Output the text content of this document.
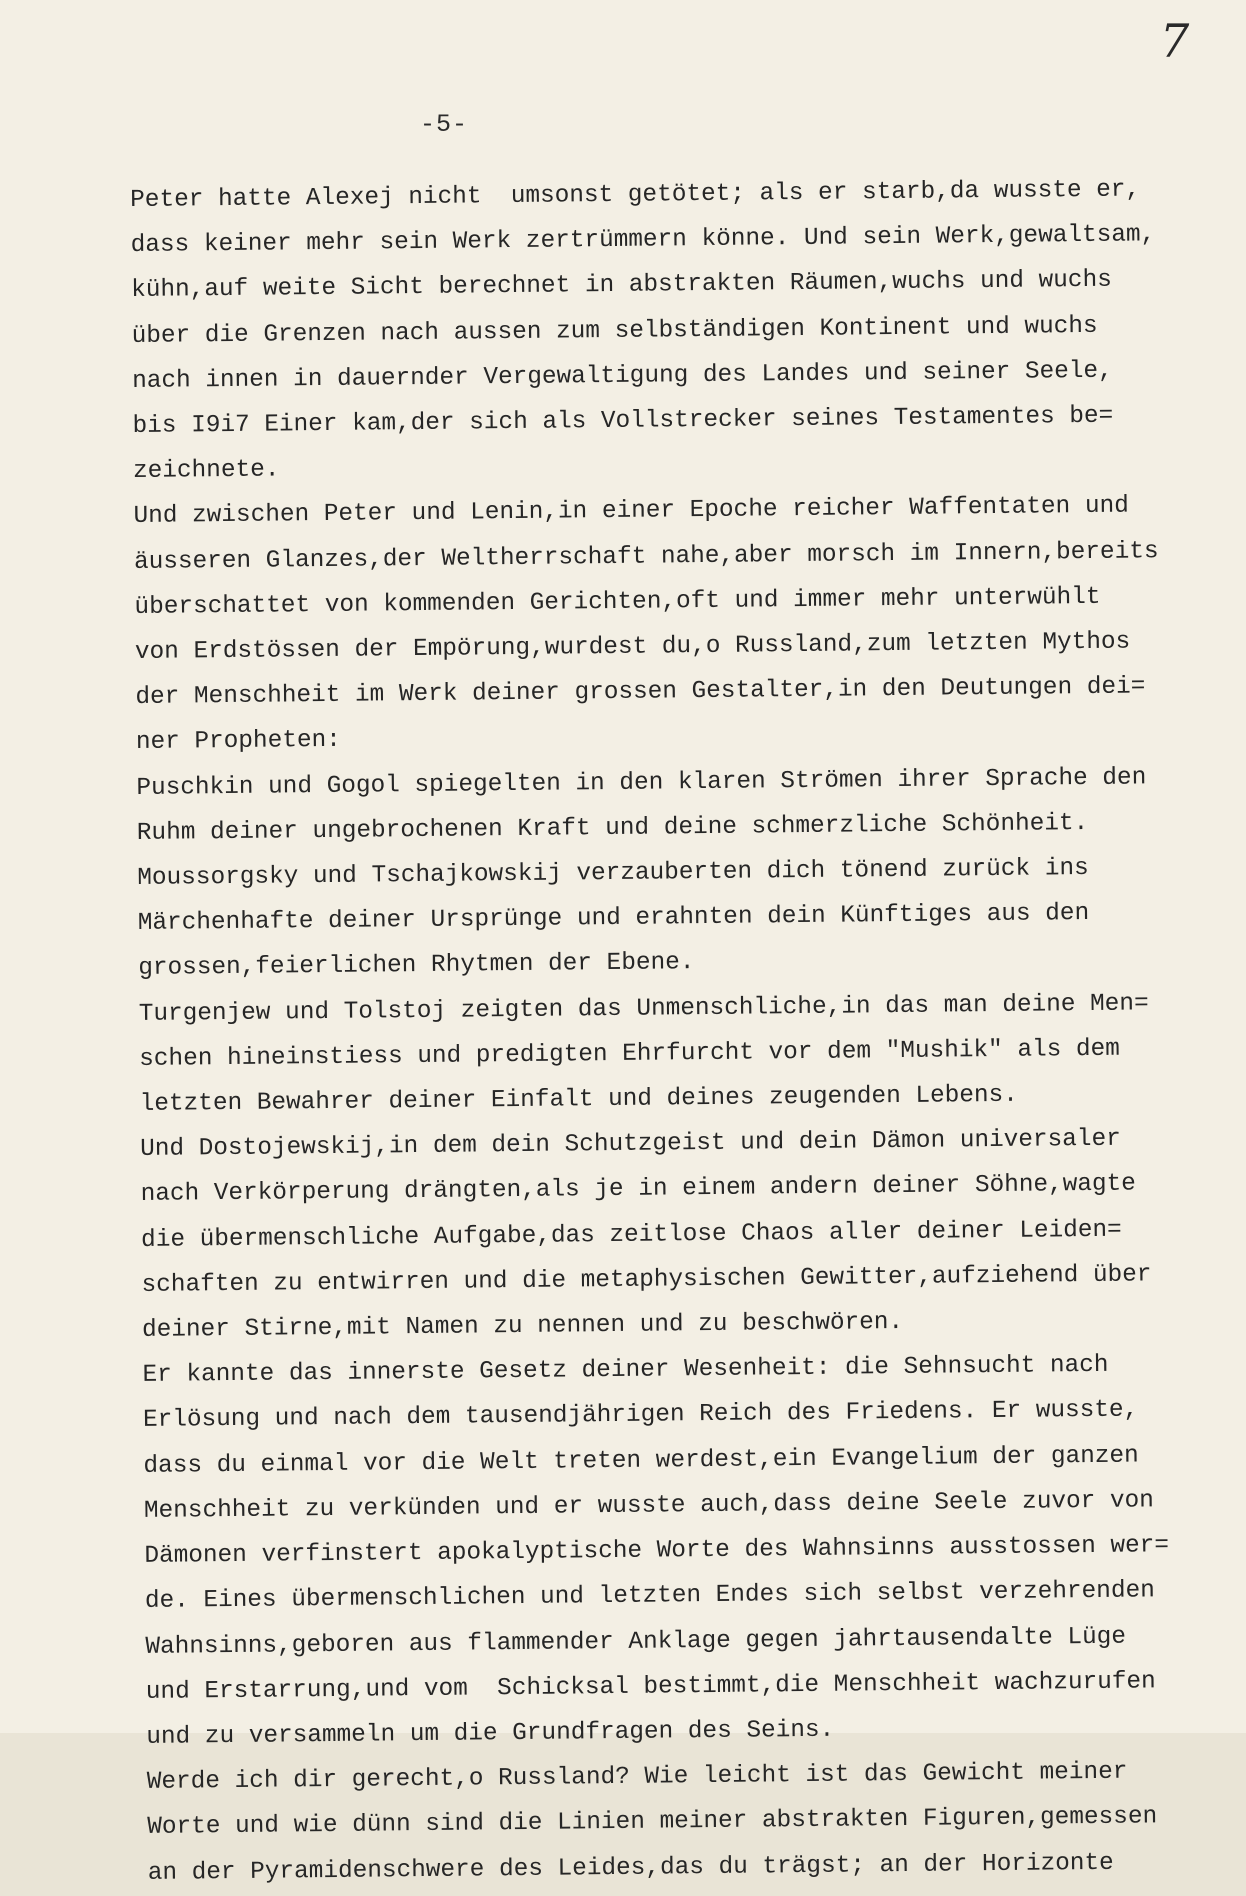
7
-5-
Peter hatte Alexej nicht  umsonst getötet; als er starb,da wusste er,
dass keiner mehr sein Werk zertrümmern könne. Und sein Werk,gewaltsam,
kühn,auf weite Sicht berechnet in abstrakten Räumen,wuchs und wuchs
über die Grenzen nach aussen zum selbständigen Kontinent und wuchs
nach innen in dauernder Vergewaltigung des Landes und seiner Seele,
bis I9i7 Einer kam,der sich als Vollstrecker seines Testamentes be=
zeichnete.
Und zwischen Peter und Lenin,in einer Epoche reicher Waffentaten und
äusseren Glanzes,der Weltherrschaft nahe,aber morsch im Innern,bereits
überschattet von kommenden Gerichten,oft und immer mehr unterwühlt
von Erdstössen der Empörung,wurdest du,o Russland,zum letzten Mythos
der Menschheit im Werk deiner grossen Gestalter,in den Deutungen dei=
ner Propheten:
Puschkin und Gogol spiegelten in den klaren Strömen ihrer Sprache den
Ruhm deiner ungebrochenen Kraft und deine schmerzliche Schönheit.
Moussorgsky und Tschajkowskij verzauberten dich tönend zurück ins
Märchenhafte deiner Ursprünge und erahnten dein Künftiges aus den
grossen,feierlichen Rhytmen der Ebene.
Turgenjew und Tolstoj zeigten das Unmenschliche,in das man deine Men=
schen hineinstiess und predigten Ehrfurcht vor dem "Mushik" als dem
letzten Bewahrer deiner Einfalt und deines zeugenden Lebens.
Und Dostojewskij,in dem dein Schutzgeist und dein Dämon universaler
nach Verkörperung drängten,als je in einem andern deiner Söhne,wagte
die übermenschliche Aufgabe,das zeitlose Chaos aller deiner Leiden=
schaften zu entwirren und die metaphysischen Gewitter,aufziehend über
deiner Stirne,mit Namen zu nennen und zu beschwören.
Er kannte das innerste Gesetz deiner Wesenheit: die Sehnsucht nach
Erlösung und nach dem tausendjährigen Reich des Friedens. Er wusste,
dass du einmal vor die Welt treten werdest,ein Evangelium der ganzen
Menschheit zu verkünden und er wusste auch,dass deine Seele zuvor von
Dämonen verfinstert apokalyptische Worte des Wahnsinns ausstossen wer=
de. Eines übermenschlichen und letzten Endes sich selbst verzehrenden
Wahnsinns,geboren aus flammender Anklage gegen jahrtausendalte Lüge
und Erstarrung,und vom  Schicksal bestimmt,die Menschheit wachzurufen
und zu versammeln um die Grundfragen des Seins.
Werde ich dir gerecht,o Russland? Wie leicht ist das Gewicht meiner
Worte und wie dünn sind die Linien meiner abstrakten Figuren,gemessen
an der Pyramidenschwere des Leides,das du trägst; an der Horizonte
